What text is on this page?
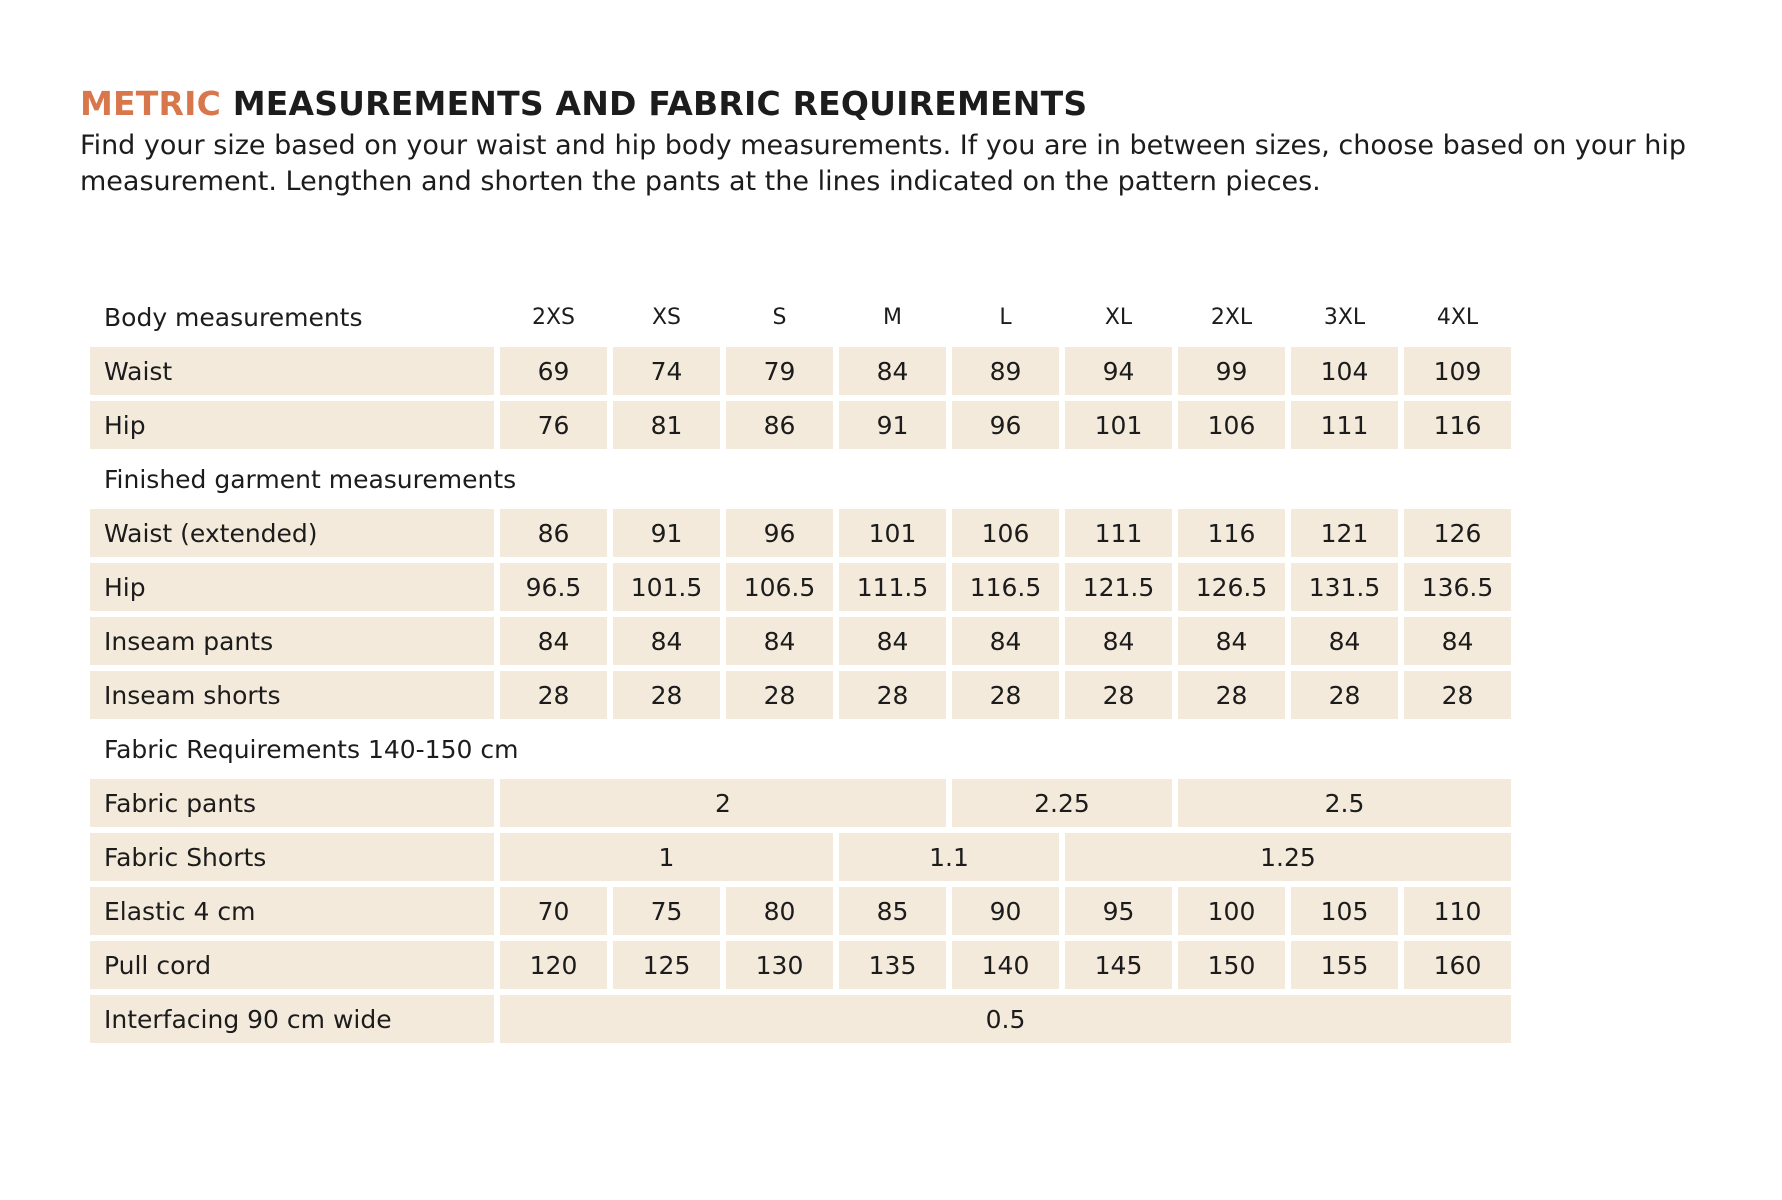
METRIC MEASUREMENTS AND FABRIC REQUIREMENTS

Find your size based on your waist and hip body measurements. If you are in between sizes, choose based on your hip measurement. Lengthen and shorten the pants at the lines indicated on the pattern pieces.

Body measurements	2XS	XS	S	M	L	XL	2XL	3XL	4XL
Waist	69	74	79	84	89	94	99	104	109
Hip	76	81	86	91	96	101	106	111	116
Finished garment measurements									
Waist (extended)	86	91	96	101	106	111	116	121	126
Hip	96.5	101.5	106.5	111.5	116.5	121.5	126.5	131.5	136.5
Inseam pants	84	84	84	84	84	84	84	84	84
Inseam shorts	28	28	28	28	28	28	28	28	28
Fabric Requirements 140-150 cm									
Fabric pants	2				2.25		2.5		
Fabric Shorts	1			1.1		1.25			
Elastic 4 cm	70	75	80	85	90	95	100	105	110
Pull cord	120	125	130	135	140	145	150	155	160
Interfacing 90 cm wide	0.5								
